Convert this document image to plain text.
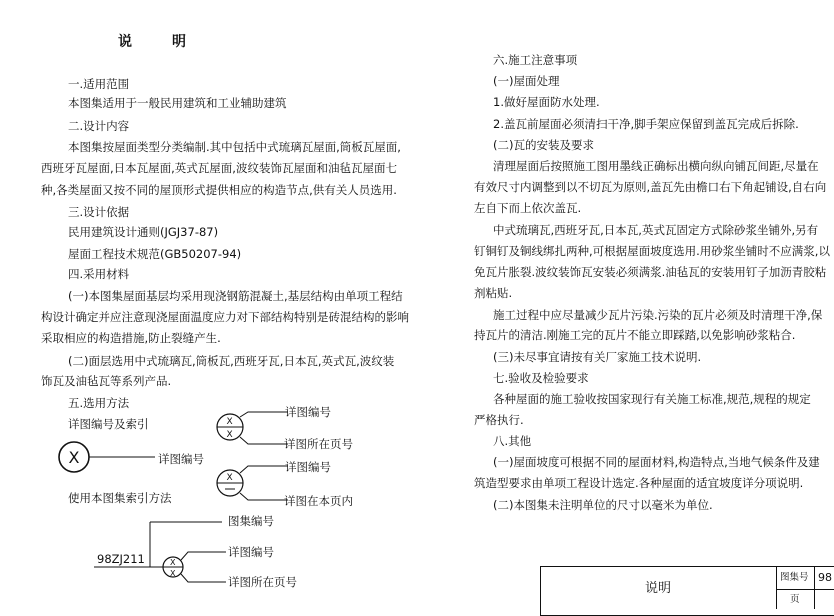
说	明
一.适用范围
本图集适用于一般民用建筑和工业辅助建筑
二.设计内容
本图集按屋面类型分类编制.其中包括中式琉璃瓦屋面,筒板瓦屋面,
西班牙瓦屋面,日本瓦屋面,英式瓦屋面,波纹装饰瓦屋面和油毡瓦屋面七
种,各类屋面又按不同的屋顶形式提供相应的构造节点,供有关人员选用.
三.设计依据
民用建筑设计通则(JGJ37-87)
屋面工程技术规范(GB50207-94)
四.采用材料
(一)本图集屋面基层均采用现浇钢筋混凝土,基层结构由单项工程结
构设计确定并应注意现浇屋面温度应力对下部结构特别是砖混结构的影响
采取相应的构造措施,防止裂缝产生.
(二)面层选用中式琉璃瓦,筒板瓦,西班牙瓦,日本瓦,英式瓦,波纹装
饰瓦及油毡瓦等系列产品.
五.选用方法
详图编号及索引
使用本图集索引方法
X	详图编号
X
X
详图编号
详图所在页号
X
详图编号
详图在本页内
X
X
98ZJ211
图集编号
详图编号
详图所在页号
六.施工注意事项
(一)屋面处理
1.做好屋面防水处理.
2.盖瓦前屋面必须清扫干净,脚手架应保留到盖瓦完成后拆除.
(二)瓦的安装及要求
清理屋面后按照施工图用墨线正确标出横向纵向铺瓦间距,尽量在
有效尺寸内调整到以不切瓦为原则,盖瓦先由檐口右下角起铺设,自右向
左自下而上依次盖瓦.
中式琉璃瓦,西班牙瓦,日本瓦,英式瓦固定方式除砂浆坐铺外,另有
钉铜钉及铜线绑扎两种,可根据屋面坡度选用.用砂浆坐铺时不应满浆,以
免瓦片胀裂.波纹装饰瓦安装必须满浆.油毡瓦的安装用钉子加沥青胶粘
剂粘贴.
施工过程中应尽量减少瓦片污染.污染的瓦片必须及时清理干净,保
持瓦片的清洁.刚施工完的瓦片不能立即踩踏,以免影响砂浆粘合.
(三)未尽事宜请按有关厂家施工技术说明.
七.验收及检验要求
各种屋面的施工验收按国家现行有关施工标准,规范,规程的规定
严格执行.
八.其他
(一)屋面坡度可根据不同的屋面材料,构造特点,当地气候条件及建
筑造型要求由单项工程设计选定.各种屋面的适宜坡度详分项说明.
(二)本图集未注明单位的尺寸以毫米为单位.
说明
图集号 98
页
